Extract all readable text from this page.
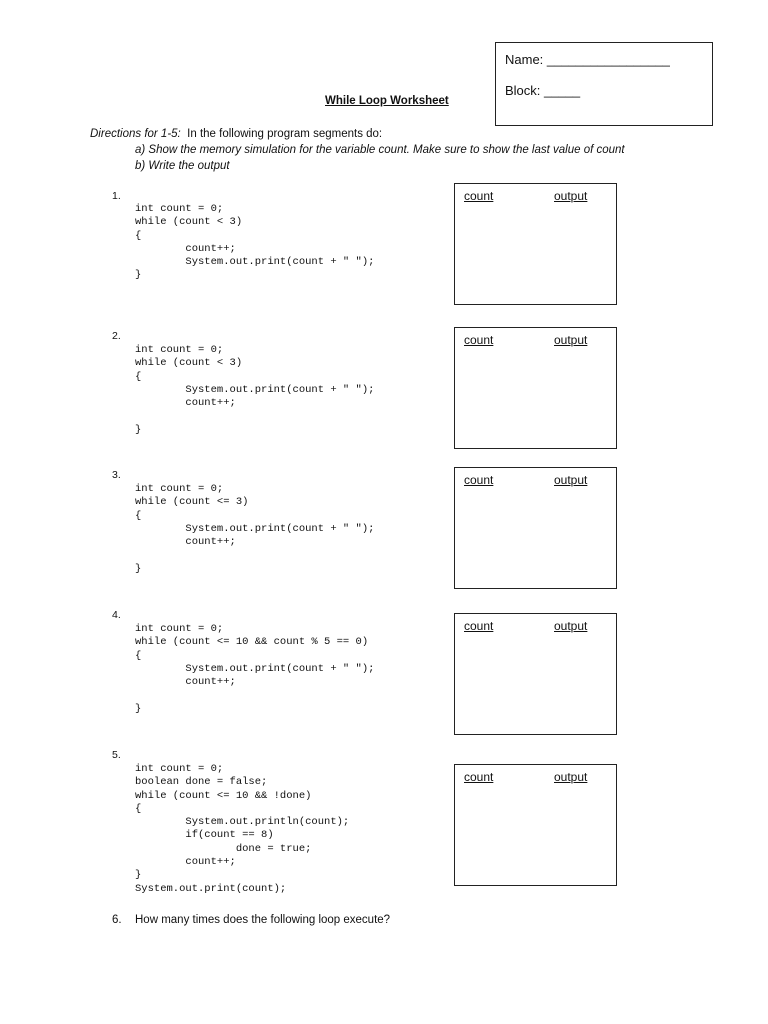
Name: _________________
Block: _____
While Loop Worksheet
Directions for 1-5: In the following program segments do:
a) Show the memory simulation for the variable count. Make sure to show the last value of count
b) Write the output
1.
int count = 0;
while (count < 3)
{
count++;
System.out.print(count + " ");
}
count	output
2.
int count = 0;
while (count < 3)
{
System.out.print(count + " ");
count++;

}
count	output
3.
int count = 0;
while (count <= 3)
{
System.out.print(count + " ");
count++;

}
count	output
4.
int count = 0;
while (count <= 10 && count % 5 == 0)
{
System.out.print(count + " ");
count++;

}
count	output
5.
int count = 0;
boolean done = false;
while (count <= 10 && !done)
{
System.out.println(count);
if(count == 8)
done = true;
count++;
}
System.out.print(count);
count	output
6. How many times does the following loop execute?
